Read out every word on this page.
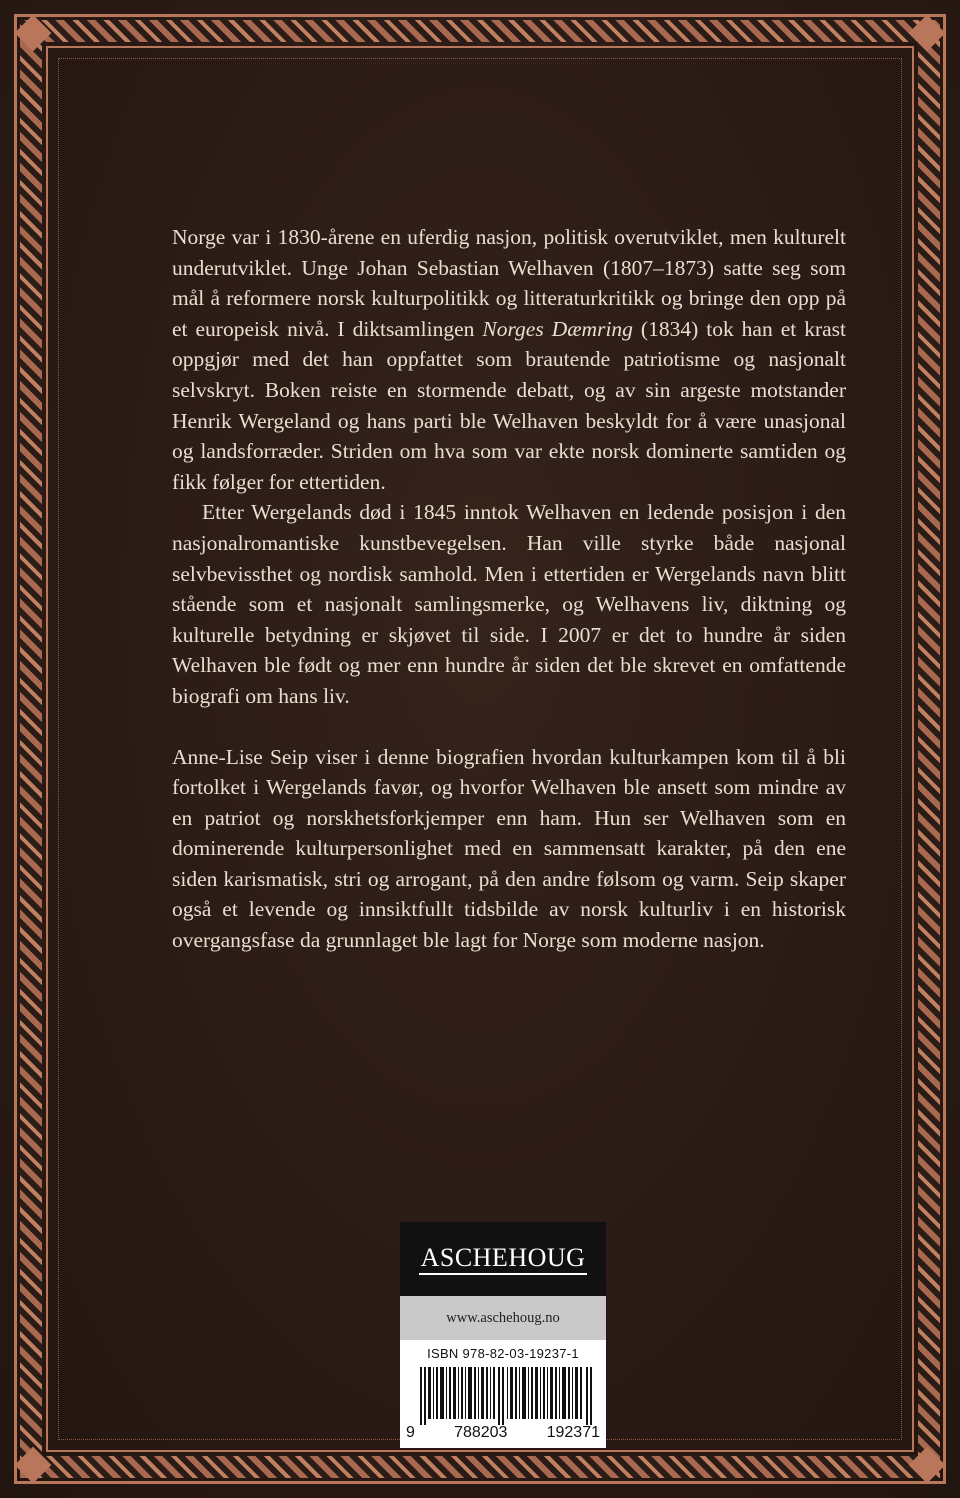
Norge var i 1830-årene en uferdig nasjon, politisk overutviklet, men kulturelt underutviklet. Unge Johan Sebastian Welhaven (1807–1873) satte seg som mål å reformere norsk kulturpolitikk og litteraturkritikk og bringe den opp på et europeisk nivå. I diktsamlingen Norges Dæmring (1834) tok han et krast oppgjør med det han oppfattet som brautende patriotisme og nasjonalt selvskryt. Boken reiste en stormende debatt, og av sin argeste motstander Henrik Wergeland og hans parti ble Welhaven beskyldt for å være unasjonal og landsforræder. Striden om hva som var ekte norsk dominerte samtiden og fikk følger for ettertiden.

Etter Wergelands død i 1845 inntok Welhaven en ledende posisjon i den nasjonalromantiske kunstbevegelsen. Han ville styrke både nasjonal selvbevissthet og nordisk samhold. Men i ettertiden er Wergelands navn blitt stående som et nasjonalt samlingsmerke, og Welhavens liv, diktning og kulturelle betydning er skjøvet til side. I 2007 er det to hundre år siden Welhaven ble født og mer enn hundre år siden det ble skrevet en omfattende biografi om hans liv.

Anne-Lise Seip viser i denne biografien hvordan kulturkampen kom til å bli fortolket i Wergelands favør, og hvorfor Welhaven ble ansett som mindre av en patriot og norskhetsforkjemper enn ham. Hun ser Welhaven som en dominerende kulturpersonlighet med en sammensatt karakter, på den ene siden karismatisk, stri og arrogant, på den andre følsom og varm. Seip skaper også et levende og innsiktfullt tidsbilde av norsk kulturliv i en historisk overgangsfase da grunnlaget ble lagt for Norge som moderne nasjon.

ASCHEHOUG
www.aschehoug.no
ISBN 978-82-03-19237-1
9 788203 192371
